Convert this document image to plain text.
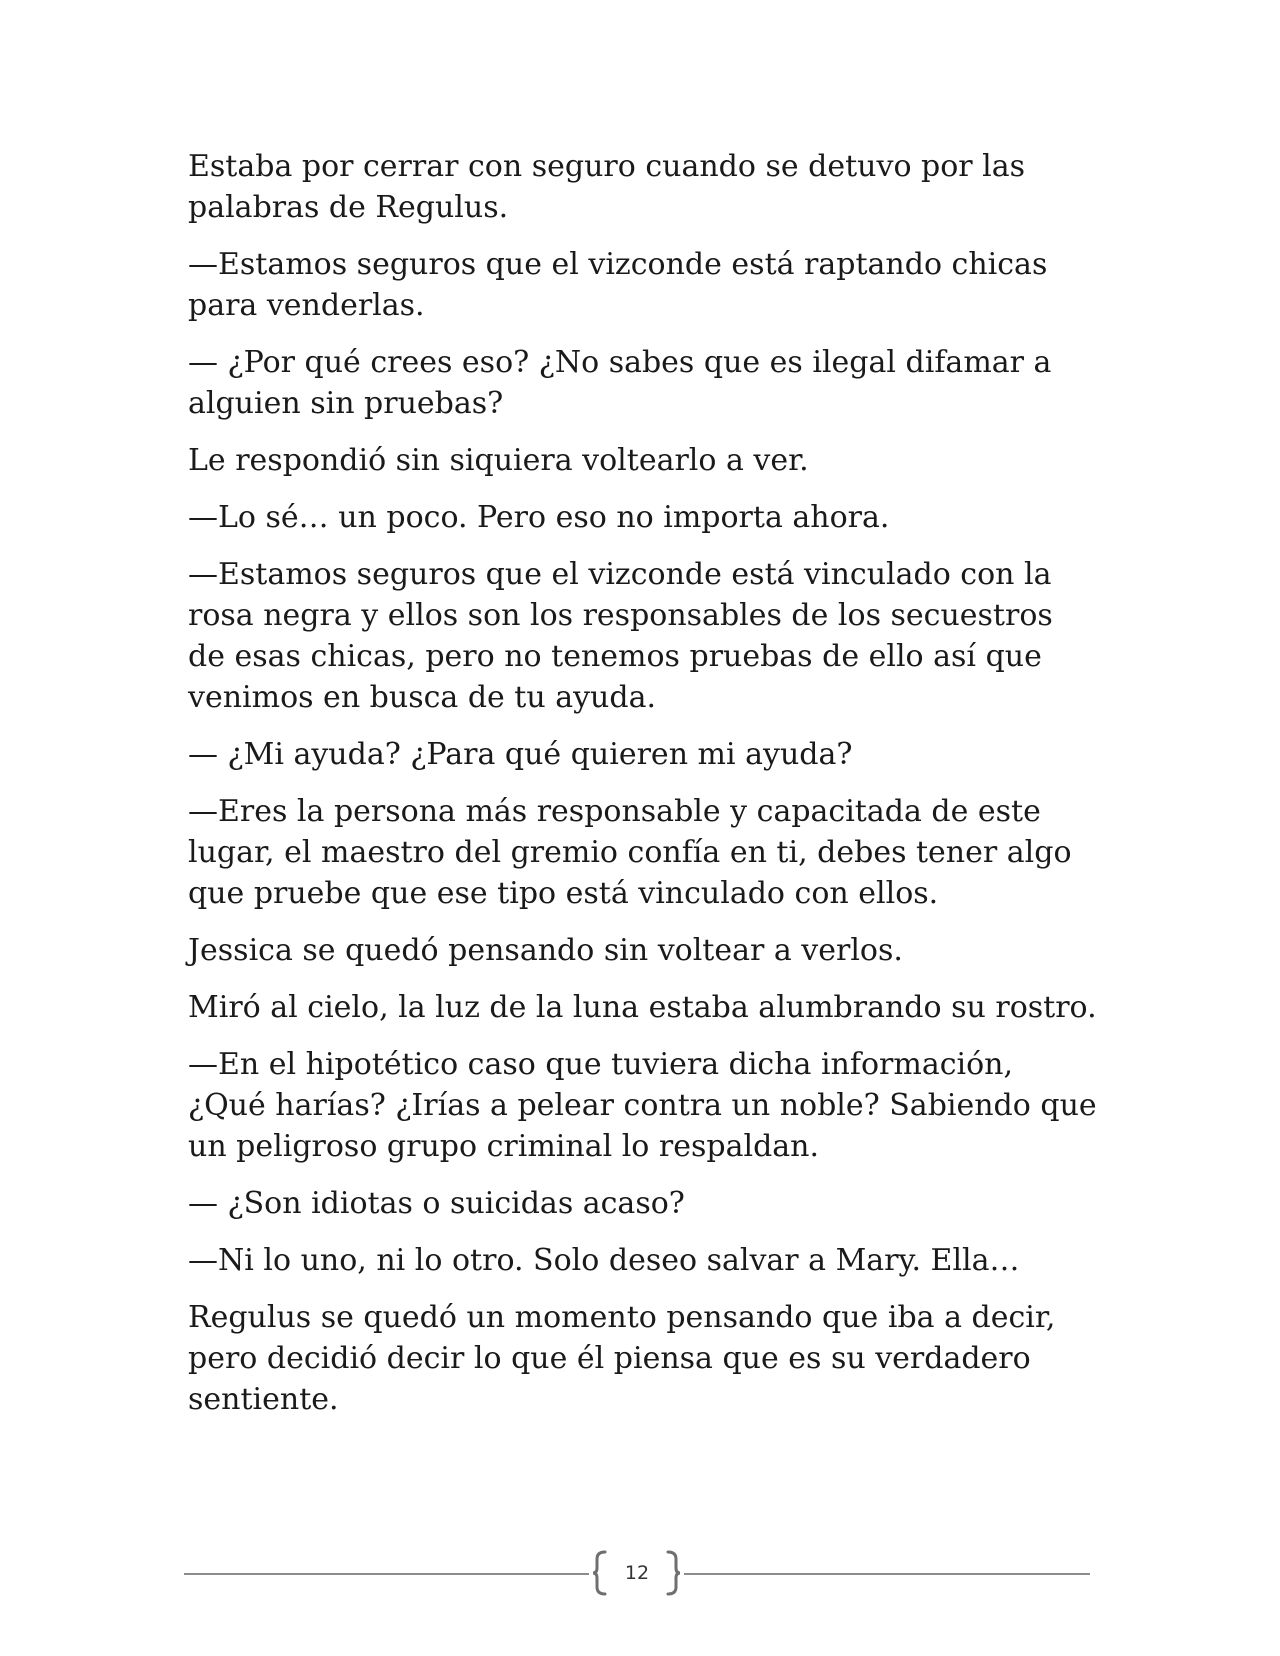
Estaba por cerrar con seguro cuando se detuvo por las palabras de Regulus.

—Estamos seguros que el vizconde está raptando chicas para venderlas.

— ¿Por qué crees eso? ¿No sabes que es ilegal difamar a alguien sin pruebas?

Le respondió sin siquiera voltearlo a ver.

—Lo sé… un poco. Pero eso no importa ahora.

—Estamos seguros que el vizconde está vinculado con la rosa negra y ellos son los responsables de los secuestros de esas chicas, pero no tenemos pruebas de ello así que venimos en busca de tu ayuda.

— ¿Mi ayuda? ¿Para qué quieren mi ayuda?

—Eres la persona más responsable y capacitada de este lugar, el maestro del gremio confía en ti, debes tener algo que pruebe que ese tipo está vinculado con ellos.

Jessica se quedó pensando sin voltear a verlos.

Miró al cielo, la luz de la luna estaba alumbrando su rostro.

—En el hipotético caso que tuviera dicha información, ¿Qué harías? ¿Irías a pelear contra un noble? Sabiendo que un peligroso grupo criminal lo respaldan.

— ¿Son idiotas o suicidas acaso?

—Ni lo uno, ni lo otro. Solo deseo salvar a Mary. Ella…

Regulus se quedó un momento pensando que iba a decir, pero decidió decir lo que él piensa que es su verdadero sentiente.

12
